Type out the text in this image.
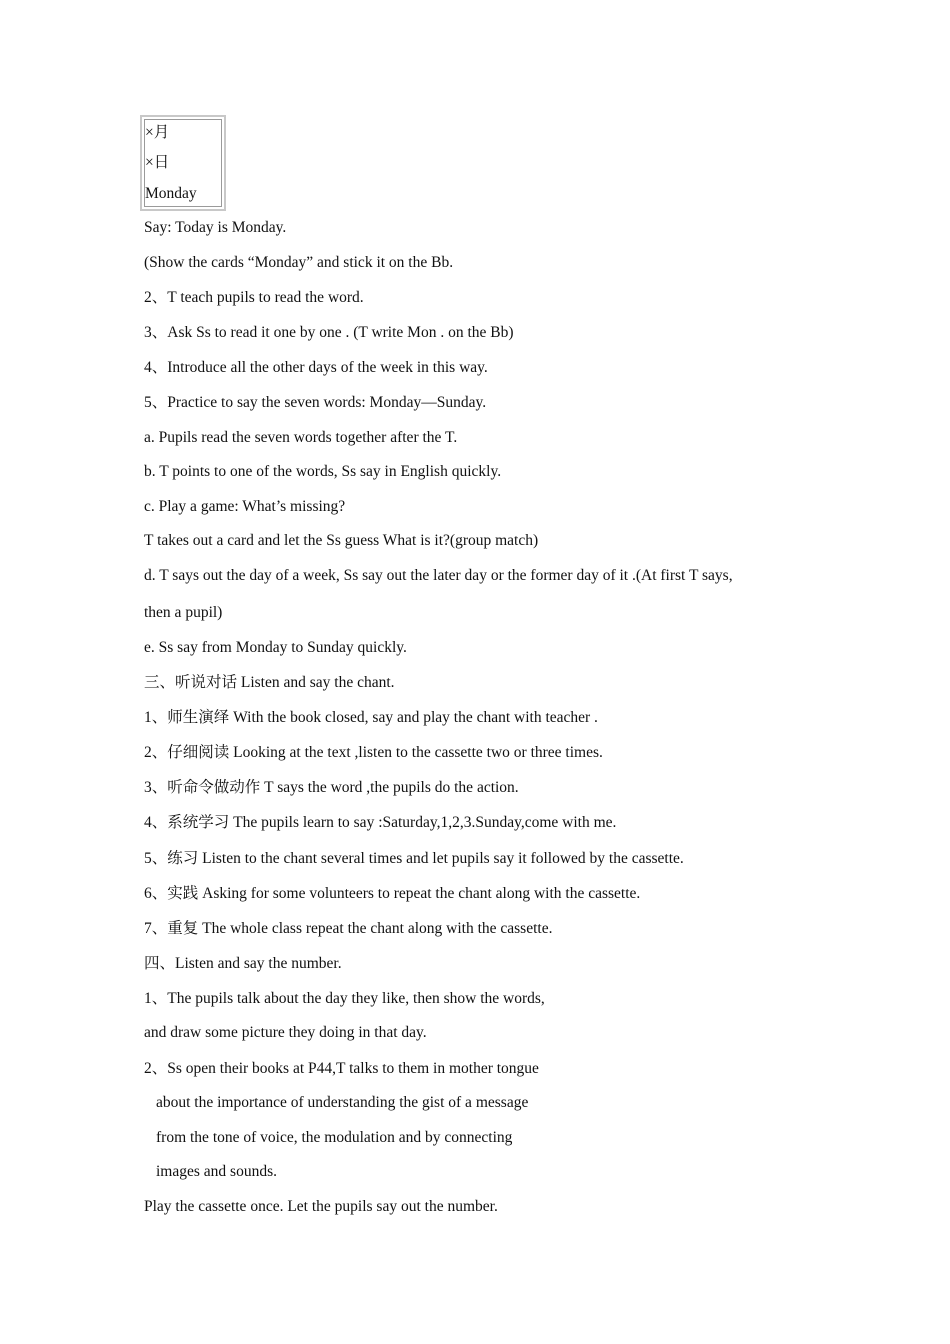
×月
×日
Monday
Say: Today is Monday.
(Show the cards “Monday” and stick it on the Bb.
2、T teach pupils to read the word.
3、Ask Ss to read it one by one . (T write Mon . on the Bb)
4、Introduce all the other days of the week in this way.
5、Practice to say the seven words: Monday—Sunday.
a. Pupils read the seven words together after the T.
b. T points to one of the words, Ss say in English quickly.
c. Play a game: What’s missing?
T takes out a card and let the Ss guess What is it?(group match)
d. T says out the day of a week, Ss say out the later day or the former day of it .(At first T says,
then a pupil)
e. Ss say from Monday to Sunday quickly.
三、听说对话 Listen and say the chant.
1、师生演绎 With the book closed, say and play the chant with teacher .
2、仔细阅读 Looking at the text ,listen to the cassette two or three times.
3、听命令做动作 T says the word ,the pupils do the action.
4、系统学习 The pupils learn to say :Saturday,1,2,3.Sunday,come with me.
5、练习 Listen to the chant several times and let pupils say it followed by the cassette.
6、实践 Asking for some volunteers to repeat the chant along with the cassette.
7、重复 The whole class repeat the chant along with the cassette.
四、Listen and say the number.
1、The pupils talk about the day they like, then show the words,
and draw some picture they doing in that day.
2、Ss open their books at P44,T talks to them in mother tongue
about the importance of understanding the gist of a message
from the tone of voice, the modulation and by connecting
images and sounds.
Play the cassette once. Let the pupils say out the number.
